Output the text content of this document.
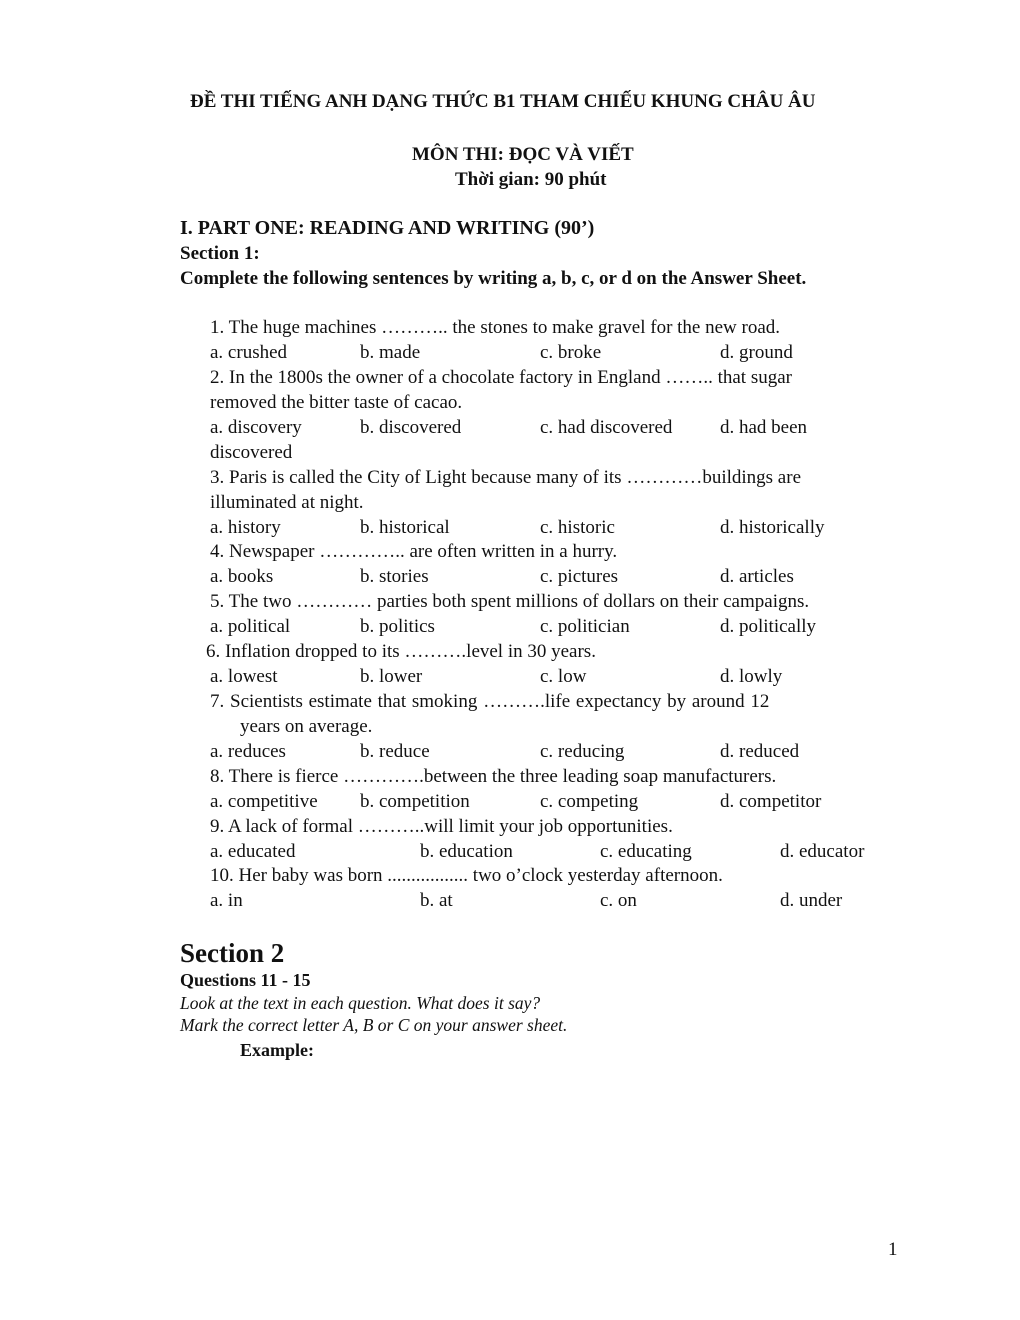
ĐỀ THI TIẾNG ANH DẠNG THỨC B1 THAM CHIẾU KHUNG CHÂU ÂU
MÔN THI: ĐỌC VÀ VIẾT
Thời gian: 90 phút
I. PART ONE: READING AND WRITING (90’)
Section 1:
Complete the following sentences by writing a, b, c, or d on the Answer Sheet.
1. The huge machines ……….. the stones to make gravel for the new road.
a. crushed	b. made	c. broke	d. ground
2. In the 1800s the owner of a chocolate factory in England …….. that sugar
removed the bitter taste of cacao.
a. discovery	b. discovered	c. had discovered	d. had been
discovered
3. Paris is called the City of Light because many of its …………buildings are
illuminated at night.
a. history	b. historical	c. historic	d. historically
4. Newspaper ………….. are often written in a hurry.
a. books	b. stories	c. pictures	d. articles
5. The two ………… parties both spent millions of dollars on their campaigns.
a. political	b. politics	c. politician	d. politically
6. Inflation dropped to its ……….level in 30 years.
a. lowest	b. lower	c. low	d. lowly
7. Scientists estimate that smoking ……….life expectancy by around 12
years on average.
a. reduces	b. reduce	c. reducing	d. reduced
8. There is fierce ………….between the three leading soap manufacturers.
a. competitive b. competition	c. competing	d. competitor
9. A lack of formal ………..will limit your job opportunities.
a. educated	b. education	c. educating	d. educator
10. Her baby was born ................. two o’clock yesterday afternoon.
a. in	b. at	c. on	d. under
Section 2
Questions 11 - 15
Look at the text in each question. What does it say?
Mark the correct letter A, B or C on your answer sheet.
Example:
1
